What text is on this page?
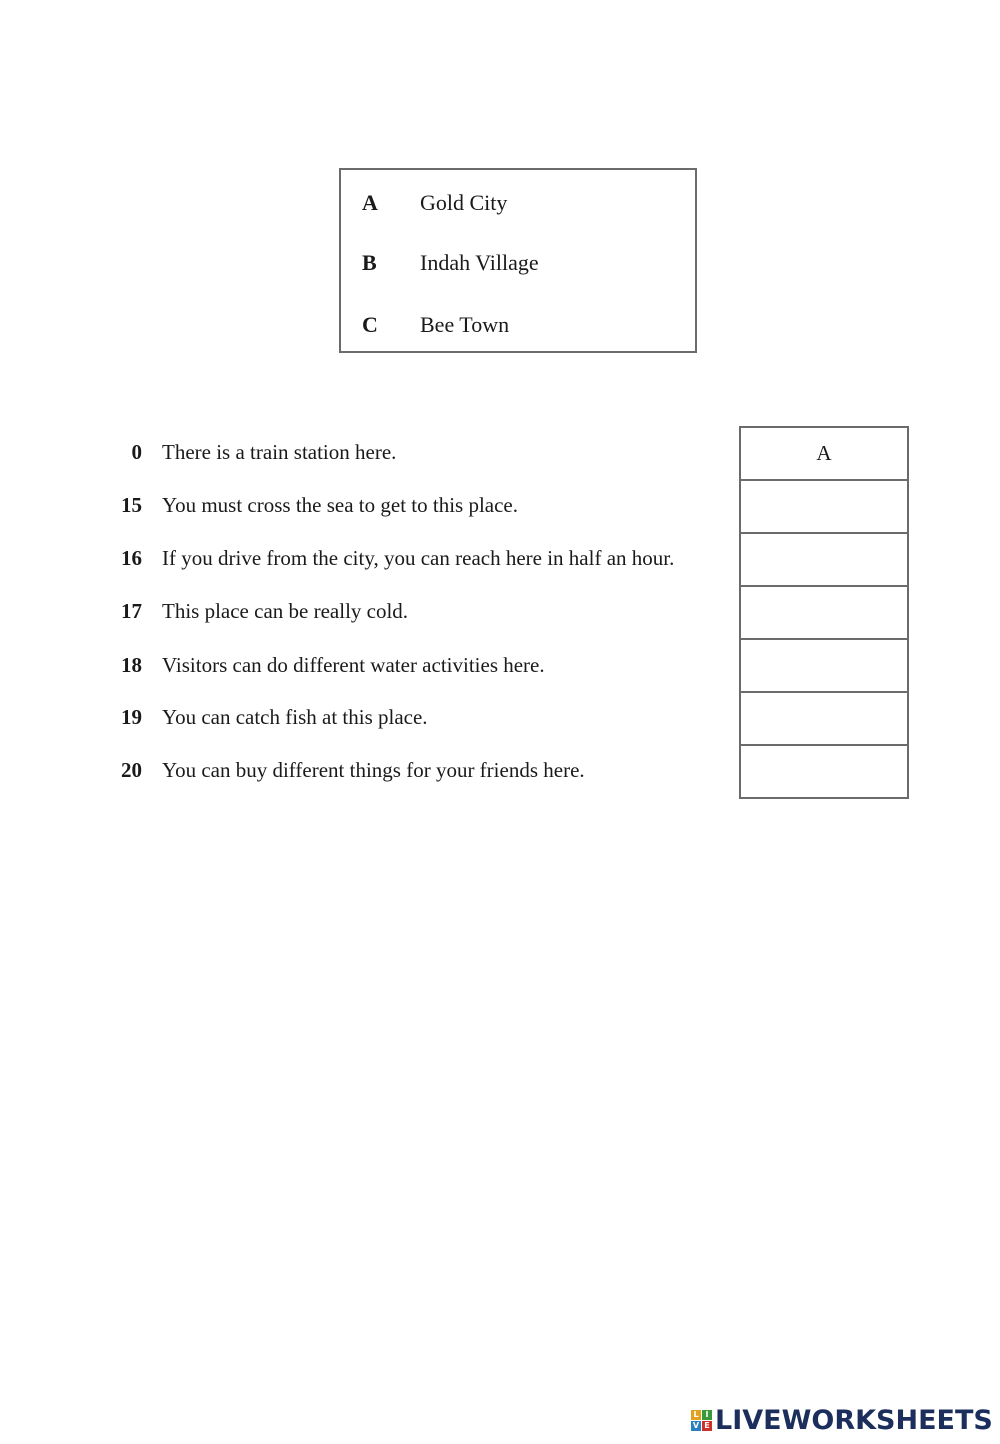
A Gold City
B Indah Village
C Bee Town
0 There is a train station here.
15 You must cross the sea to get to this place.
16 If you drive from the city, you can reach here in half an hour.
17 This place can be really cold.
18 Visitors can do different water activities here.
19 You can catch fish at this place.
20 You can buy different things for your friends here.
A
L I
V E LIVEWORKSHEETS
